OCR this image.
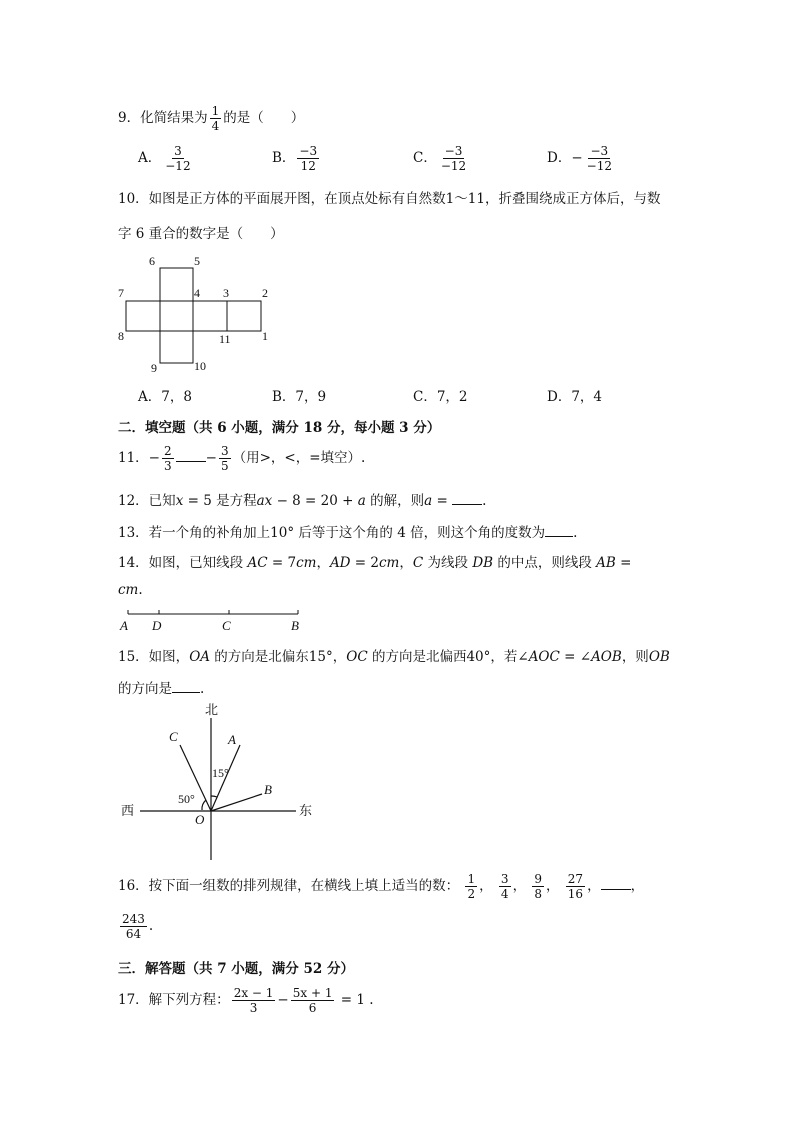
9．化简结果为 $\frac{1}{4}$ 的是（　　）
A． $\frac{3}{-12}$	B． $\frac{-3}{12}$	C． $\frac{-3}{-12}$	D．− $\frac{-3}{-12}$
10．如图是正方体的平面展开图，在顶点处标有自然数1～11，折叠围绕成正方体后，与数
字 6 重合的数字是（　　）
6	5
7	4 3	2
8	11	1
9	10
A．7，8	B．7，9	C．7，2	D．7，4
二．填空题（共 6 小题，满分 18 分，每小题 3 分）
11．− $\frac{2}{3} - \frac{3}{5}$ （用>，<，=填空）.
12．已知x = 5 是方程ax − 8 = 20 + a 的解，则a = .
13．若一个角的补角加上10° 后等于这个角的 4 倍，则这个角的度数为 .
14．如图，已知线段 AC = 7cm，AD = 2cm，C 为线段 DB 的中点，则线段 AB =
cm.
A D	C	B
15．如图，OA 的方向是北偏东15°，OC 的方向是北偏西40°，若∠AOC = ∠AOB，则OB
的方向是 .
北
西	东
O
A
C
B
15°
50°
16．按下面一组数的排列规律，在横线上填上适当的数： $\frac{1}{2}$ ， $\frac{3}{4}$ ， $\frac{9}{8}$ ， $\frac{27}{16}$ ， ，
$\frac{243}{64}$ .
三．解答题（共 7 小题，满分 52 分）
17．解下列方程： $\frac{2x - 1}{3} - \frac{5x + 1}{6} = 1$ .
